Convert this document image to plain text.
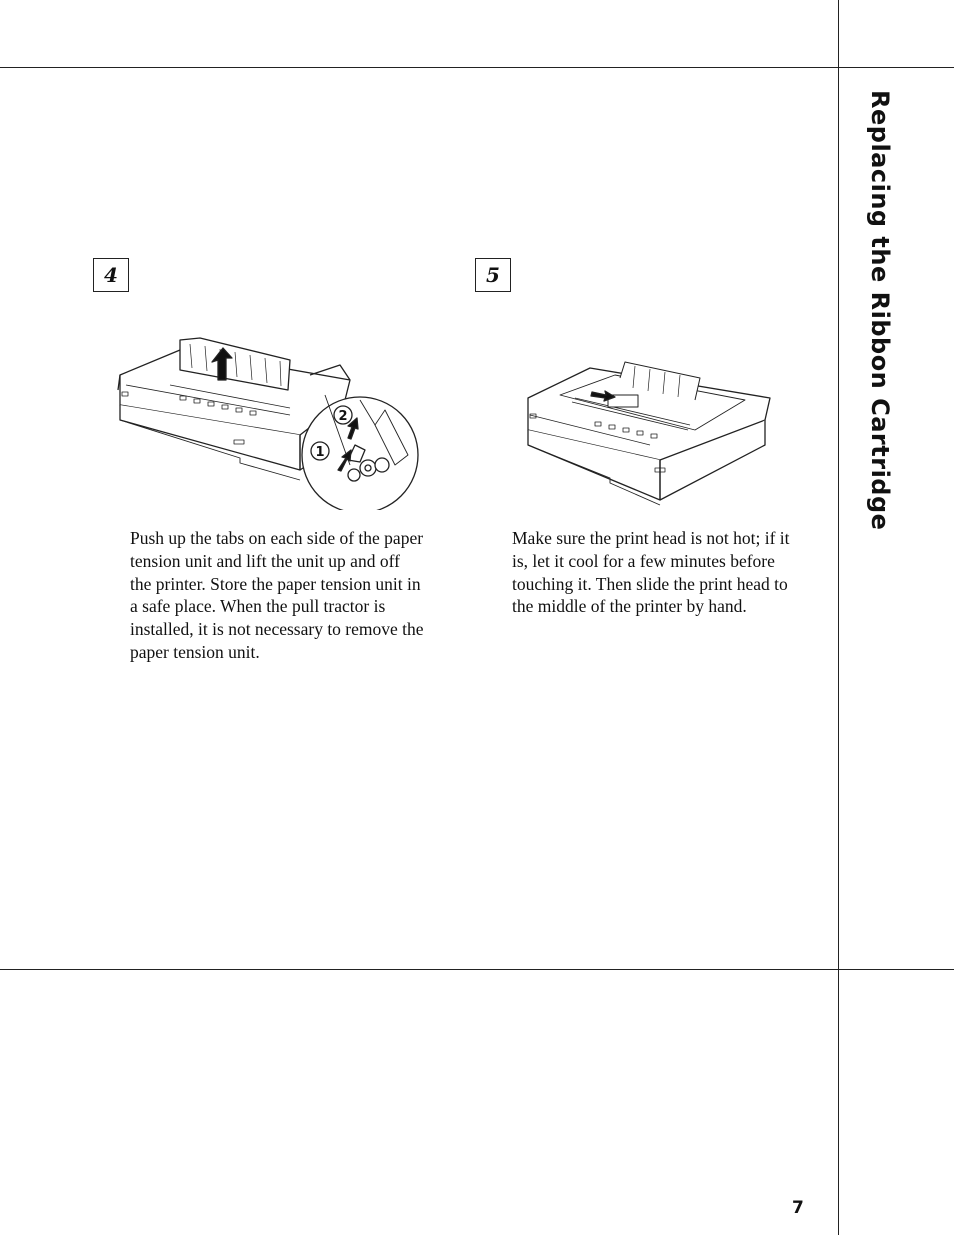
Replacing the Ribbon Cartridge
4
2
1
Push up the tabs on each side of the paper tension unit and lift the unit up and off the printer. Store the paper tension unit in a safe place. When the pull tractor is installed, it is not necessary to remove the paper tension unit.
5
Make sure the print head is not hot; if it is, let it cool for a few minutes before touching it. Then slide the print head to the middle of the printer by hand.
7
